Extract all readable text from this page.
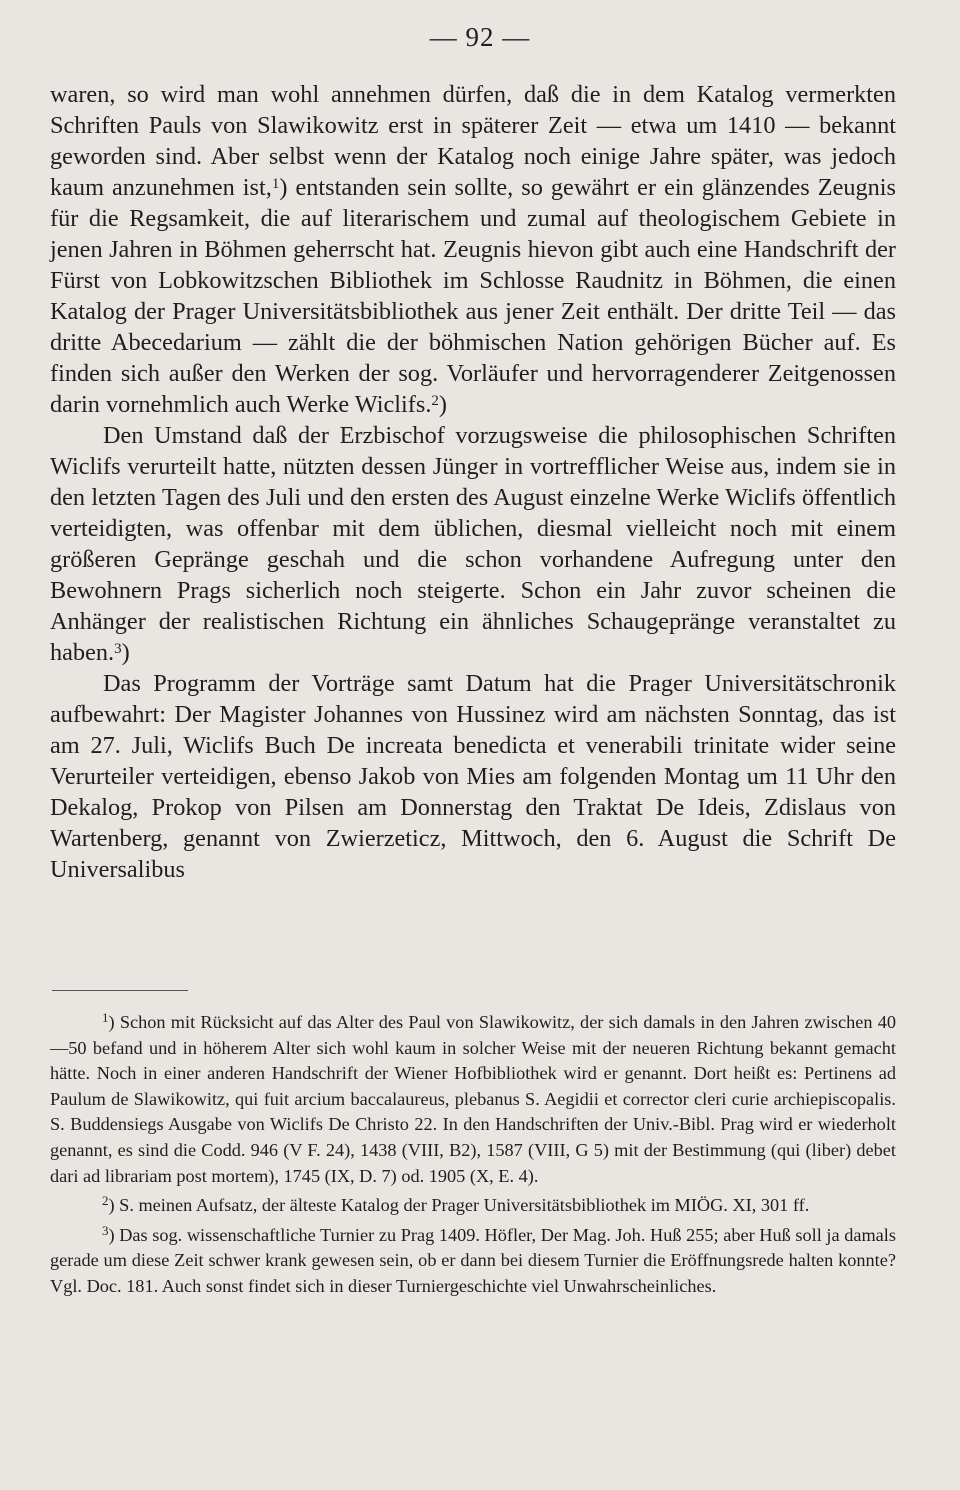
— 92 —

waren, so wird man wohl annehmen dürfen, daß die in dem Katalog vermerkten Schriften Pauls von Slawikowitz erst in späterer Zeit — etwa um 1410 — bekannt geworden sind. Aber selbst wenn der Katalog noch einige Jahre später, was jedoch kaum anzunehmen ist,$^1$) entstanden sein sollte, so gewährt er ein glänzendes Zeugnis für die Regsamkeit, die auf literarischem und zumal auf theologischem Gebiete in jenen Jahren in Böhmen geherrscht hat. Zeugnis hievon gibt auch eine Handschrift der Fürst von Lobkowitzschen Bibliothek im Schlosse Raudnitz in Böhmen, die einen Katalog der Prager Universitätsbibliothek aus jener Zeit enthält. Der dritte Teil — das dritte Abecedarium — zählt die der böhmischen Nation gehörigen Bücher auf. Es finden sich außer den Werken der sog. Vorläufer und hervorragenderer Zeitgenossen darin vornehmlich auch Werke Wiclifs.$^2$)

Den Umstand daß der Erzbischof vorzugsweise die philosophischen Schriften Wiclifs verurteilt hatte, nützten dessen Jünger in vortrefflicher Weise aus, indem sie in den letzten Tagen des Juli und den ersten des August einzelne Werke Wiclifs öffentlich verteidigten, was offenbar mit dem üblichen, diesmal vielleicht noch mit einem größeren Gepränge geschah und die schon vorhandene Aufregung unter den Bewohnern Prags sicherlich noch steigerte. Schon ein Jahr zuvor scheinen die Anhänger der realistischen Richtung ein ähnliches Schaugepränge veranstaltet zu haben.$^3$)

Das Programm der Vorträge samt Datum hat die Prager Universitätschronik aufbewahrt: Der Magister Johannes von Hussinez wird am nächsten Sonntag, das ist am 27. Juli, Wiclifs Buch De increata benedicta et venerabili trinitate wider seine Verurteiler verteidigen, ebenso Jakob von Mies am folgenden Montag um 11 Uhr den Dekalog, Prokop von Pilsen am Donnerstag den Traktat De Ideis, Zdislaus von Wartenberg, genannt von Zwierzeticz, Mittwoch, den 6. August die Schrift De Universalibus

$^1$) Schon mit Rücksicht auf das Alter des Paul von Slawikowitz, der sich damals in den Jahren zwischen 40—50 befand und in höherem Alter sich wohl kaum in solcher Weise mit der neueren Richtung bekannt gemacht hätte. Noch in einer anderen Handschrift der Wiener Hofbibliothek wird er genannt. Dort heißt es: Pertinens ad Paulum de Slawikowitz, qui fuit arcium baccalaureus, plebanus S. Aegidii et corrector cleri curie archiepiscopalis. S. Buddensiegs Ausgabe von Wiclifs De Christo 22. In den Handschriften der Univ.-Bibl. Prag wird er wiederholt genannt, es sind die Codd. 946 (V F. 24), 1438 (VIII, B2), 1587 (VIII, G 5) mit der Bestimmung (qui (liber) debet dari ad librariam post mortem), 1745 (IX, D. 7) od. 1905 (X, E. 4).

$^2$) S. meinen Aufsatz, der älteste Katalog der Prager Universitätsbibliothek im MIÖG. XI, 301 ff.

$^3$) Das sog. wissenschaftliche Turnier zu Prag 1409. Höfler, Der Mag. Joh. Huß 255; aber Huß soll ja damals gerade um diese Zeit schwer krank gewesen sein, ob er dann bei diesem Turnier die Eröffnungsrede halten konnte? Vgl. Doc. 181. Auch sonst findet sich in dieser Turniergeschichte viel Unwahrscheinliches.
